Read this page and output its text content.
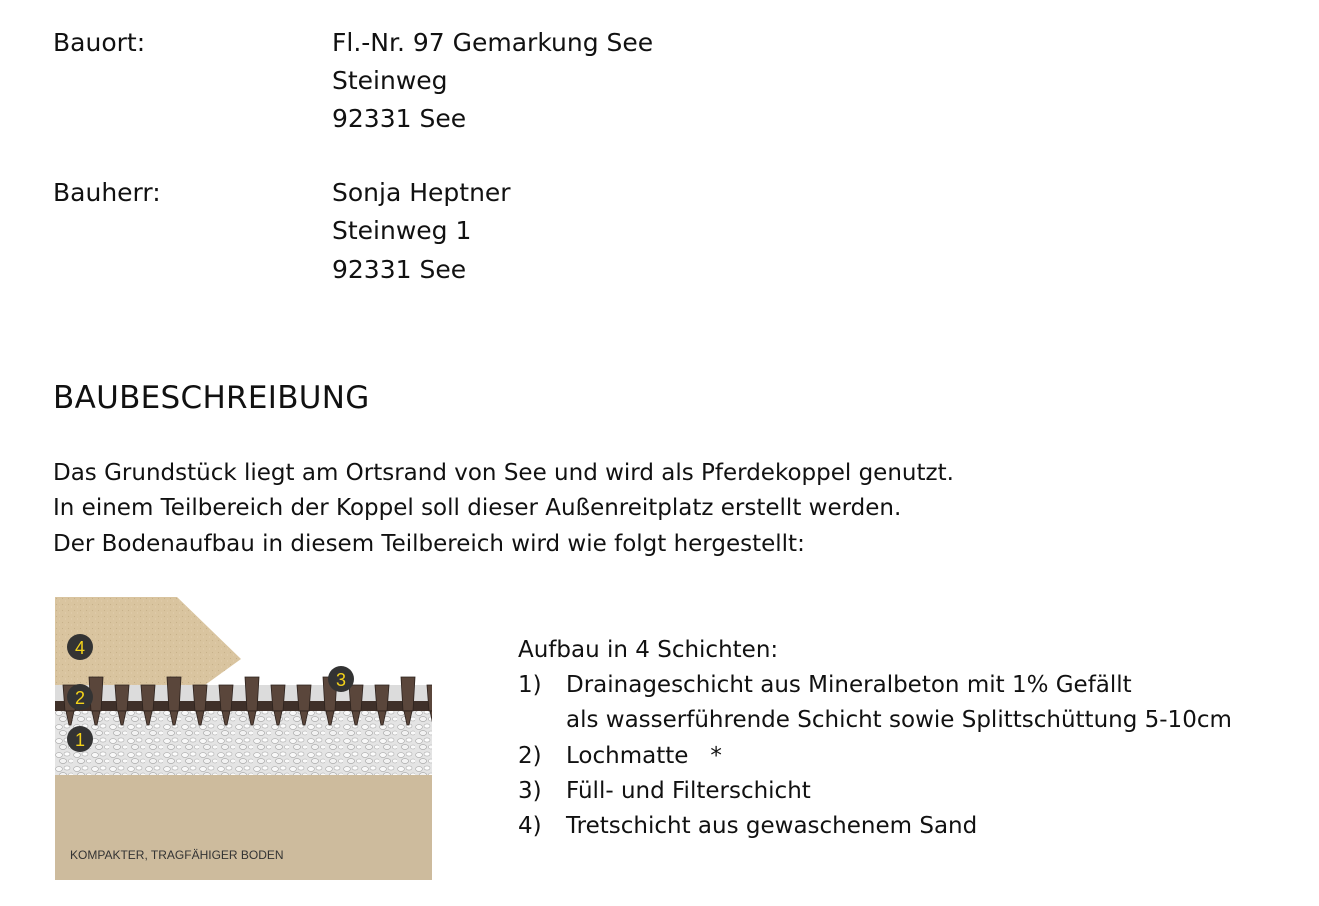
Bauort:	Fl.-Nr. 97 Gemarkung See
Steinweg
92331 See
Bauherr:	Sonja Heptner
Steinweg 1
92331 See
BAUBESCHREIBUNG
Das Grundstück liegt am Ortsrand von See und wird als Pferdekoppel genutzt.
In einem Teilbereich der Koppel soll dieser Außenreitplatz erstellt werden.
Der Bodenaufbau in diesem Teilbereich wird wie folgt hergestellt:
4
2
1
3
KOMPAKTER, TRAGFÄHIGER BODEN
Aufbau in 4 Schichten:
1) Drainageschicht aus Mineralbeton mit 1% Gefällt
als wasserführende Schicht sowie Splittschüttung 5-10cm
2) Lochmatte   *
3) Füll- und Filterschicht
4) Tretschicht aus gewaschenem Sand
